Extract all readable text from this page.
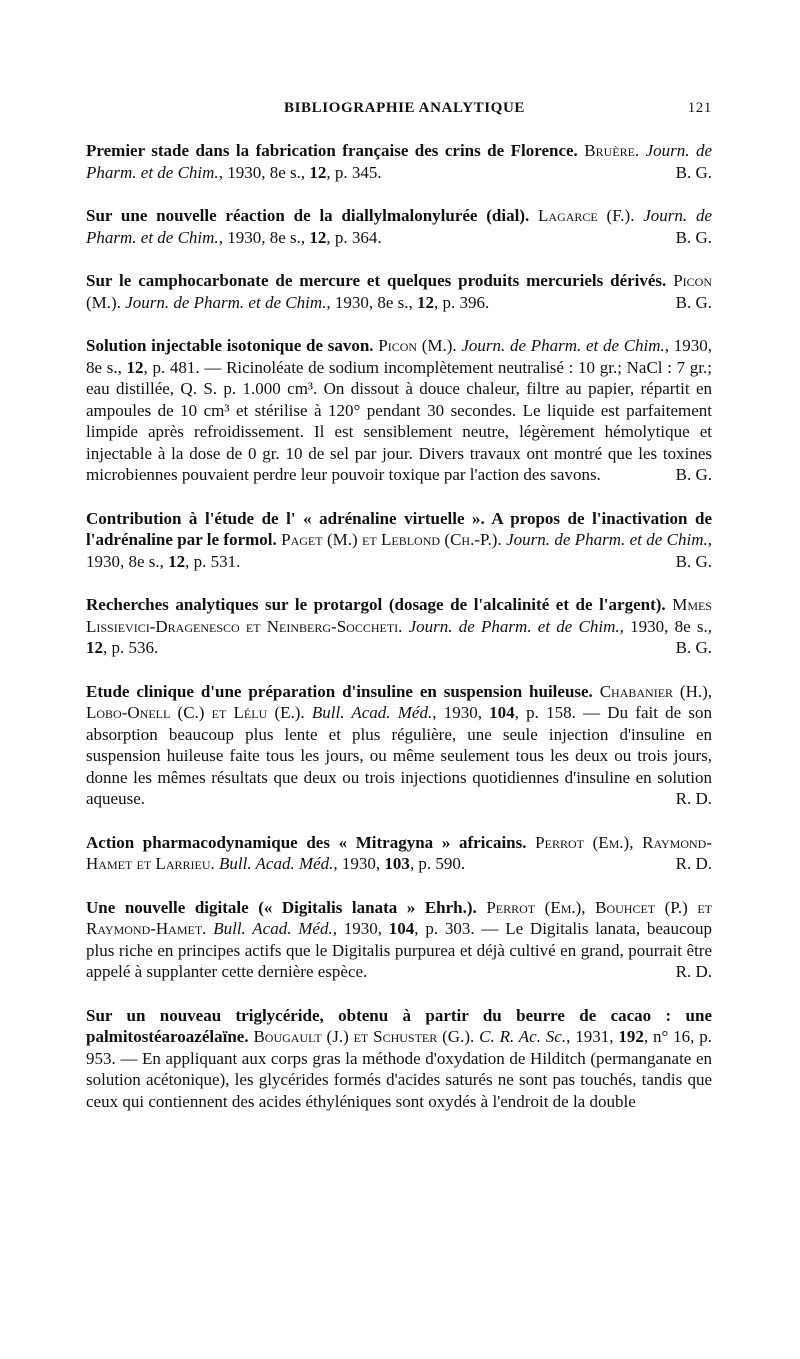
BIBLIOGRAPHIE ANALYTIQUE	121
Premier stade dans la fabrication française des crins de Florence. Bruère. Journ. de Pharm. et de Chim., 1930, 8e s., 12, p. 345.	B. G.
Sur une nouvelle réaction de la diallylmalonylurée (dial). Lagarce (F.). Journ. de Pharm. et de Chim., 1930, 8e s., 12, p. 364.	B. G.
Sur le camphocarbonate de mercure et quelques produits mercuriels dérivés. Picon (M.). Journ. de Pharm. et de Chim., 1930, 8e s., 12, p. 396.	B. G.
Solution injectable isotonique de savon. Picon (M.). Journ. de Pharm. et de Chim., 1930, 8e s., 12, p. 481. — Ricinoléate de sodium incomplètement neutralisé : 10 gr.; NaCl : 7 gr.; eau distillée, Q. S. p. 1.000 cm³. On dissout à douce chaleur, filtre au papier, répartit en ampoules de 10 cm³ et stérilise à 120° pendant 30 secondes. Le liquide est parfaitement limpide après refroidissement. Il est sensiblement neutre, légèrement hémolytique et injectable à la dose de 0 gr. 10 de sel par jour. Divers travaux ont montré que les toxines microbiennes pouvaient perdre leur pouvoir toxique par l'action des savons.	B. G.
Contribution à l'étude de l' « adrénaline virtuelle ». A propos de l'inactivation de l'adrénaline par le formol. Paget (M.) et Leblond (Ch.-P.). Journ. de Pharm. et de Chim., 1930, 8e s., 12, p. 531.	B. G.
Recherches analytiques sur le protargol (dosage de l'alcalinité et de l'argent). Mmes Lissievici-Dragenesco et Neinberg-Soccheti. Journ. de Pharm. et de Chim., 1930, 8e s., 12, p. 536.	B. G.
Etude clinique d'une préparation d'insuline en suspension huileuse. Chabanier (H.), Lobo-Onell (C.) et Lélu (E.). Bull. Acad. Méd., 1930, 104, p. 158. — Du fait de son absorption beaucoup plus lente et plus régulière, une seule injection d'insuline en suspension huileuse faite tous les jours, ou même seulement tous les deux ou trois jours, donne les mêmes résultats que deux ou trois injections quotidiennes d'insuline en solution aqueuse.	R. D.
Action pharmacodynamique des « Mitragyna » africains. Perrot (Em.), Raymond-Hamet et Larrieu. Bull. Acad. Méd., 1930, 103, p. 590.	R. D.
Une nouvelle digitale (« Digitalis lanata » Ehrh.). Perrot (Em.), Bouhcet (P.) et Raymond-Hamet. Bull. Acad. Méd., 1930, 104, p. 303. — Le Digitalis lanata, beaucoup plus riche en principes actifs que le Digitalis purpurea et déjà cultivé en grand, pourrait être appelé à supplanter cette dernière espèce.	R. D.
Sur un nouveau triglycéride, obtenu à partir du beurre de cacao : une palmitostéaroazélaïne. Bougault (J.) et Schuster (G.). C. R. Ac. Sc., 1931, 192, n° 16, p. 953. — En appliquant aux corps gras la méthode d'oxydation de Hilditch (permanganate en solution acétonique), les glycérides formés d'acides saturés ne sont pas touchés, tandis que ceux qui contiennent des acides éthyléniques sont oxydés à l'endroit de la double
